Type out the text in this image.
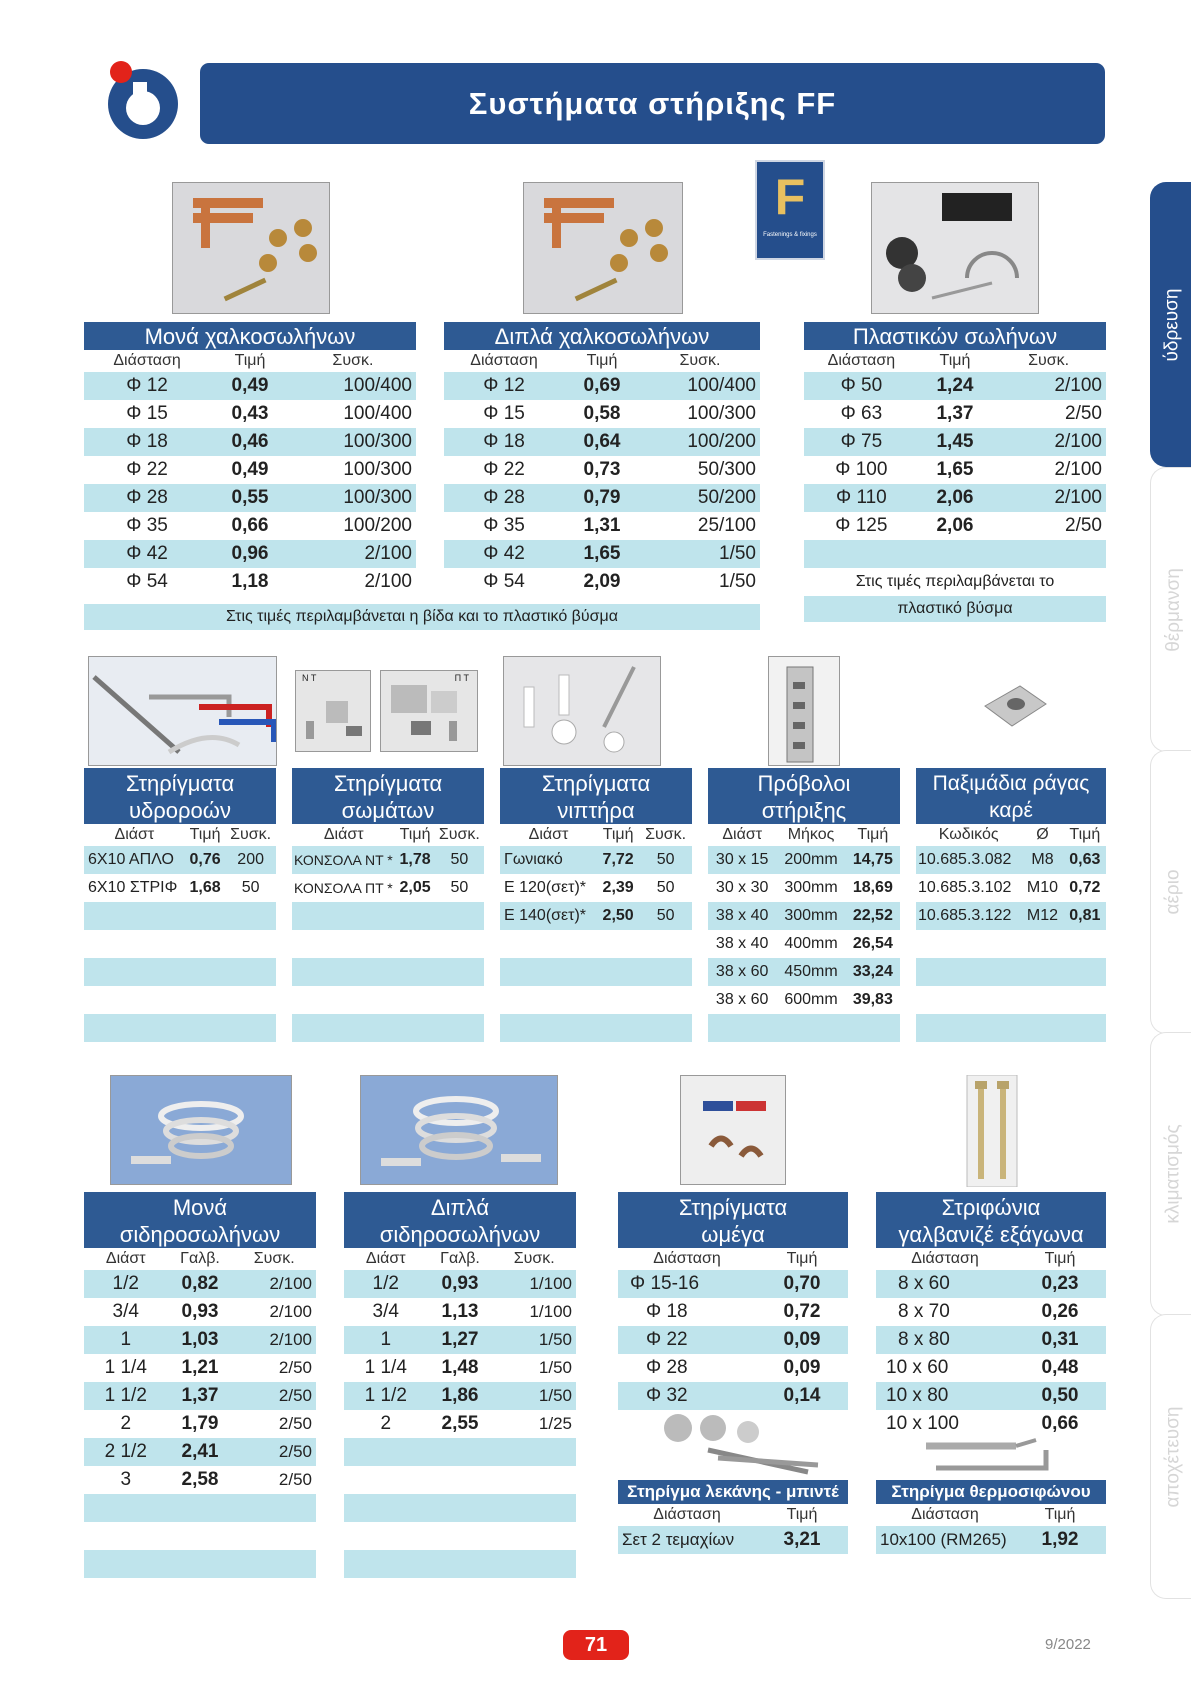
Συστήματα στήριξης FF
F
Fastenings & fixings
ύδρευση
θέρμανση
αέριο
κλιματισμός
αποχέτευση
Μονά χαλκοσωλήνων
Διάσταση	Τιμή	Συσκ.
Φ 12	0,49	100/400
Φ 15	0,43	100/400
Φ 18	0,46	100/300
Φ 22	0,49	100/300
Φ 28	0,55	100/300
Φ 35	0,66	100/200
Φ 42	0,96	2/100
Φ 54	1,18	2/100
Διπλά χαλκοσωλήνων
Διάσταση	Τιμή	Συσκ.
Φ 12	0,69	100/400
Φ 15	0,58	100/300
Φ 18	0,64	100/200
Φ 22	0,73	50/300
Φ 28	0,79	50/200
Φ 35	1,31	25/100
Φ 42	1,65	1/50
Φ 54	2,09	1/50
Στις τιμές περιλαμβάνεται η βίδα και το πλαστικό βύσμα
Πλαστικών σωλήνων
Διάσταση	Τιμή	Συσκ.
Φ 50	1,24	2/100
Φ 63	1,37	2/50
Φ 75	1,45	2/100
Φ 100	1,65	2/100
Φ 110	2,06	2/100
Φ 125	2,06	2/50

Στις τιμές περιλαμβάνεται το
πλαστικό βύσμα
Ν Τ	Π Τ
Στηρίγματα
υδροροών
Διάστ	Τιμή	Συσκ.
6Χ10 ΑΠΛΟ	0,76	200
6Χ10 ΣΤΡΙΦ	1,68	50

Στηρίγματα
σωμάτων
Διάστ	Τιμή	Συσκ.
ΚΟΝΣΟΛΑ ΝΤ *	1,78	50
ΚΟΝΣΟΛΑ ΠΤ *	2,05	50

Στηρίγματα
νιπτήρα
Διάστ	Τιμή	Συσκ.
Γωνιακό	7,72	50
Ε 120(σετ)*	2,39	50
Ε 140(σετ)*	2,50	50

Πρόβολοι
στήριξης
Διάστ	Μήκος	Τιμή
30 x 15	200mm	14,75
30 x 30	300mm	18,69
38 x 40	300mm	22,52
38 x 40	400mm	26,54
38 x 60	450mm	33,24
38 x 60	600mm	39,83

Παξιμάδια ράγας
καρέ
Κωδικός	Ø	Τιμή
10.685.3.082	M8	0,63
10.685.3.102	M10	0,72
10.685.3.122	M12	0,81

Μονά
σιδηροσωλήνων
Διάστ	Γαλβ.	Συσκ.
1/2	0,82	2/100
3/4	0,93	2/100
1	1,03	2/100
1 1/4	1,21	2/50
1 1/2	1,37	2/50
2	1,79	2/50
2 1/2	2,41	2/50
3	2,58	2/50

Διπλά
σιδηροσωλήνων
Διάστ	Γαλβ.	Συσκ.
1/2	0,93	1/100
3/4	1,13	1/100
1	1,27	1/50
1 1/4	1,48	1/50
1 1/2	1,86	1/50
2	2,55	1/25

Στηρίγματα
ωμέγα
Διάσταση	Τιμή
Φ 15-16	0,70
Φ 18	0,72
Φ 22	0,09
Φ 28	0,09
Φ 32	0,14
Στηρίγμα λεκάνης - μπιντέ
Διάσταση	Τιμή
Σετ 2 τεμαχίων	3,21
Στριφώνια
γαλβανιζέ εξάγωνα
Διάσταση	Τιμή
8 x 60	0,23
8 x 70	0,26
8 x 80	0,31
10 x 60	0,48
10 x 80	0,50
10 x 100	0,66
Στηρίγμα θερμοσιφώνου
Διάσταση	Τιμή
10x100 (RM265)	1,92
71	9/2022
